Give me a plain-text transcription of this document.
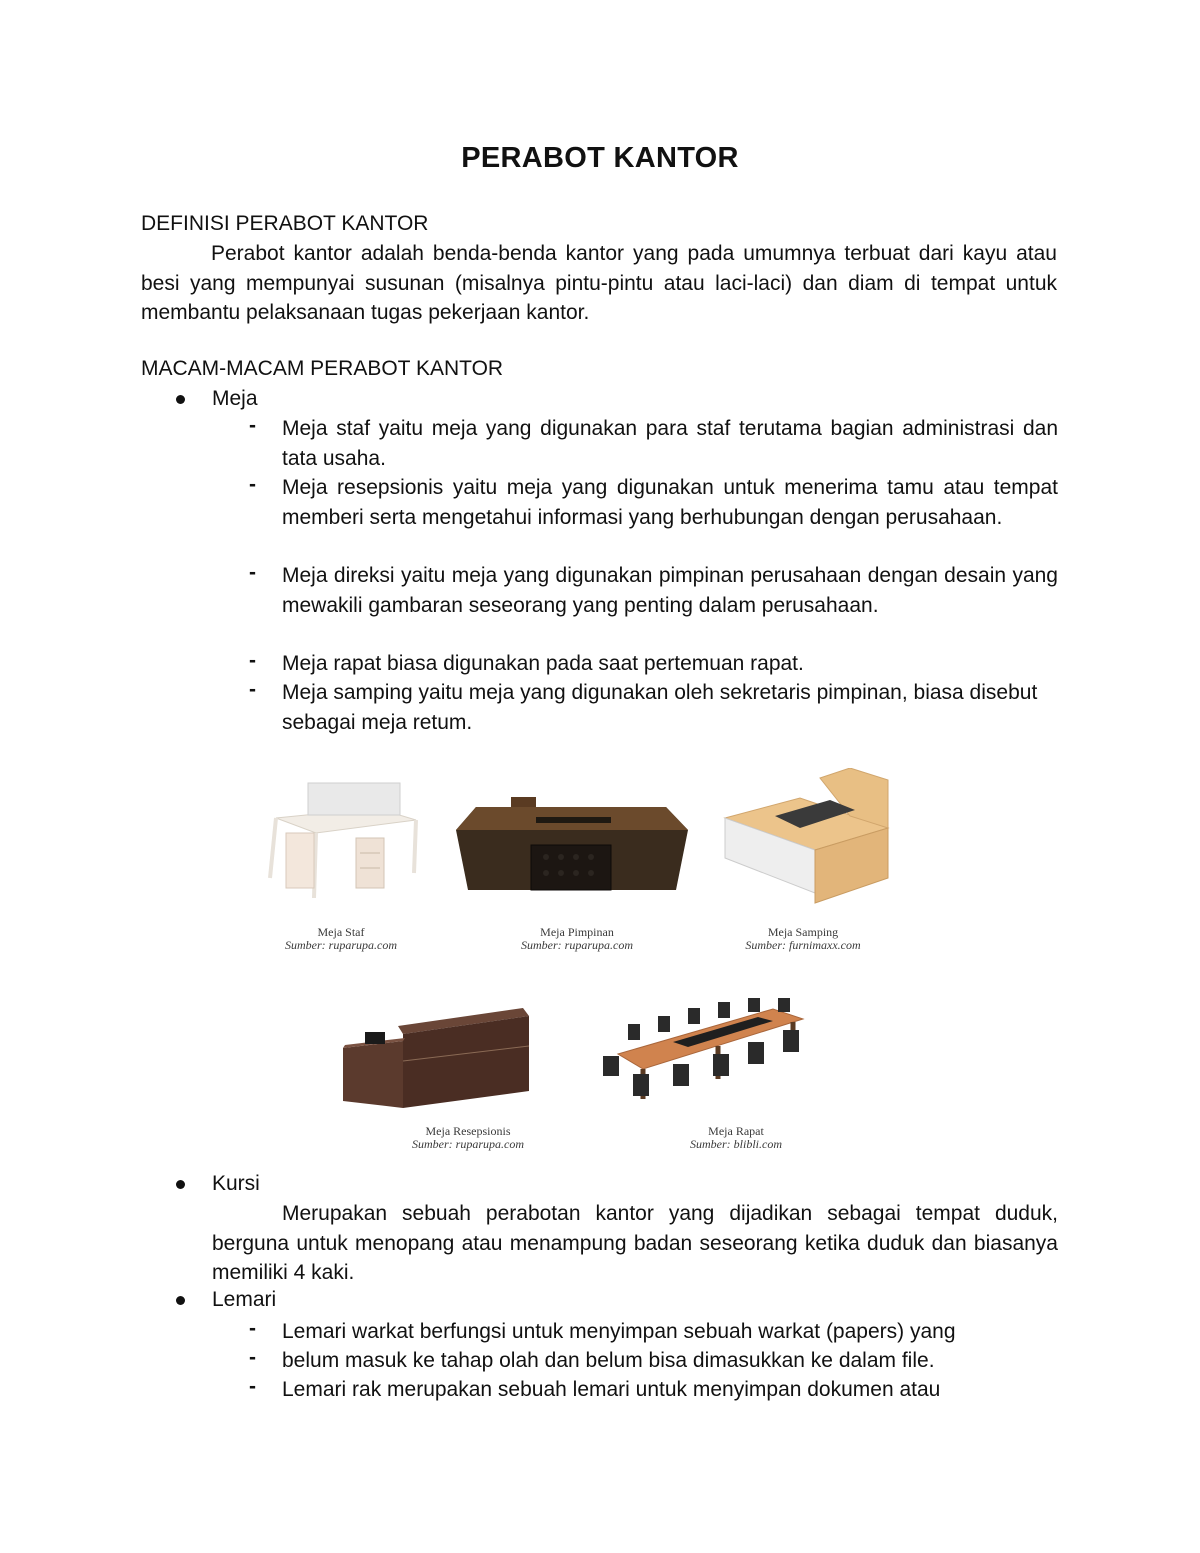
PERABOT KANTOR
DEFINISI PERABOT KANTOR
Perabot kantor adalah benda-benda kantor yang pada umumnya terbuat dari kayu atau besi yang mempunyai susunan (misalnya pintu-pintu atau laci-laci) dan diam di tempat untuk membantu pelaksanaan tugas pekerjaan kantor.
MACAM-MACAM PERABOT KANTOR
Meja
- Meja staf yaitu meja yang digunakan para staf terutama bagian administrasi dan tata usaha.
- Meja resepsionis yaitu meja yang digunakan untuk menerima tamu atau tempat memberi serta mengetahui informasi yang berhubungan dengan perusahaan.
- Meja direksi yaitu meja yang digunakan pimpinan perusahaan dengan desain yang mewakili gambaran seseorang yang penting dalam perusahaan.
- Meja rapat biasa digunakan pada saat pertemuan rapat.
- Meja samping yaitu meja yang digunakan oleh sekretaris pimpinan, biasa disebut sebagai meja retum.
Meja Staf
Sumber: ruparupa.com
Meja Pimpinan
Sumber: ruparupa.com
Meja Samping
Sumber: furnimaxx.com
Meja Resepsionis
Sumber: ruparupa.com
Meja Rapat
Sumber: blibli.com
Kursi
Merupakan sebuah perabotan kantor yang dijadikan sebagai tempat duduk, berguna untuk menopang atau menampung badan seseorang ketika duduk dan biasanya memiliki 4 kaki.
Lemari
- Lemari warkat berfungsi untuk menyimpan sebuah warkat (papers) yang
- belum masuk ke tahap olah dan belum bisa dimasukkan ke dalam file.
- Lemari rak merupakan sebuah lemari untuk menyimpan dokumen atau
